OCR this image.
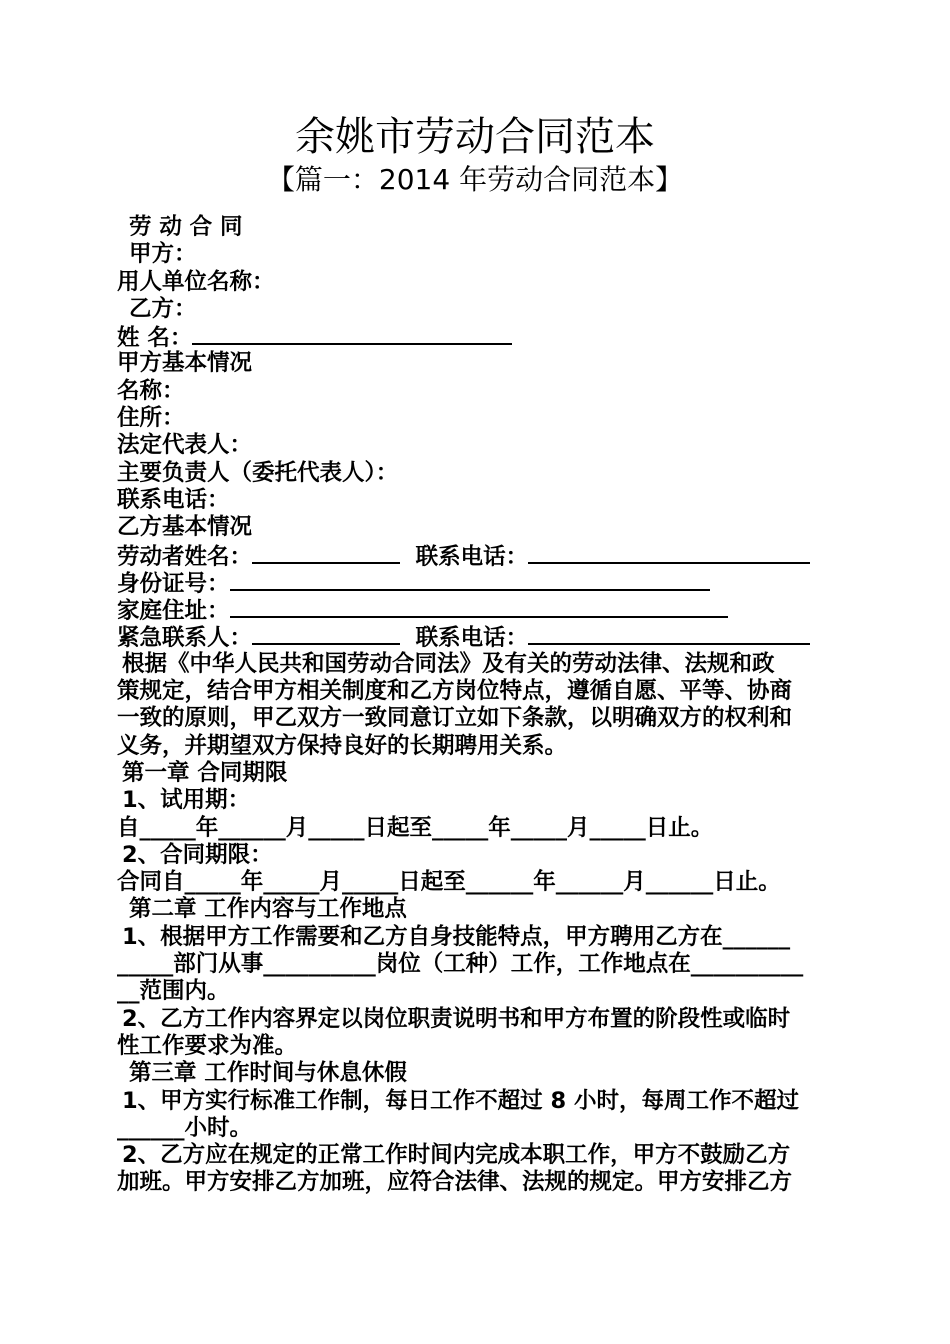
余姚市劳动合同范本
【篇一：2014 年劳动合同范本】
劳 动 合 同
甲方：
用人单位名称：
乙方：
姓 名：
甲方基本情况
名称：
住所：
法定代表人：
主要负责人（委托代表人）：
联系电话：
乙方基本情况
劳动者姓名：	联系电话：
身份证号：
家庭住址：
紧急联系人：	联系电话：
根据《中华人民共和国劳动合同法》及有关的劳动法律、法规和政
策规定，结合甲方相关制度和乙方岗位特点，遵循自愿、平等、协商
一致的原则，甲乙双方一致同意订立如下条款，以明确双方的权利和
义务，并期望双方保持良好的长期聘用关系。
第一章 合同期限
1、试用期：
自_____年______月_____日起至_____年_____月_____日止。
2、合同期限：
合同自_____年_____月_____日起至______年______月______日止。
第二章 工作内容与工作地点
1、根据甲方工作需要和乙方自身技能特点，甲方聘用乙方在______
_____部门从事__________岗位（工种）工作，工作地点在__________
__范围内。
2、乙方工作内容界定以岗位职责说明书和甲方布置的阶段性或临时
性工作要求为准。
第三章 工作时间与休息休假
1、甲方实行标准工作制，每日工作不超过 8 小时，每周工作不超过
______小时。
2、乙方应在规定的正常工作时间内完成本职工作，甲方不鼓励乙方
加班。甲方安排乙方加班，应符合法律、法规的规定。甲方安排乙方
